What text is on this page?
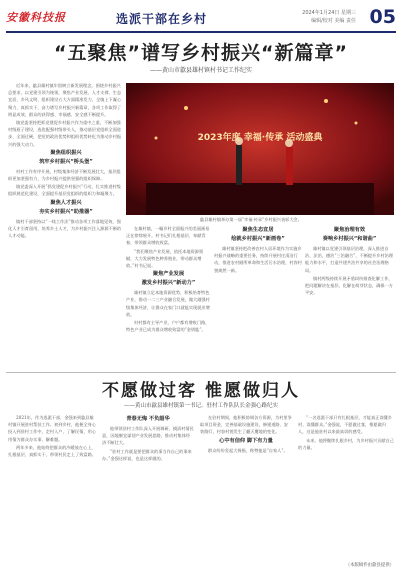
安徽科技报	选派干部在乡村	2024年1月24日 星期三
编辑/校对 美编 责任 05
“五聚焦”谱写乡村振兴“新篇章”
——黄山市歙县雄村镇村书记工作纪实

近年来，歙县雄村镇牢固树立新发展理念，围绕乡村振兴总要求，以党建引领为统领，聚焦产业发展、人才支撑、生态宜居、乡风文明、组织建设五大方面精准发力，全镇上下凝心聚力、真抓实干，奋力谱写乡村振兴新篇章，各项工作取得了明显成效，群众的获得感、幸福感、安全感不断提升。

镇党委坚持把抓党建促乡村振兴作为重中之重，不断加强村级班子建设，选优配强村级带头人，推动基层党组织全面进步、全面过硬，把党的政治优势和组织优势转化为推动乡村振兴的强大动力。

聚焦组织振兴
筑牢乡村振兴“桥头堡”

村村工作有序开展，村级集体经济不断发展壮大，基层组织更加坚强有力，为乡村振兴提供坚强的组织保障。

镇党委深入开展“抓党建促乡村振兴”行动，扎实推进村级组织规范化建设，全面提升基层党组织的组织力和凝聚力。

聚焦人才振兴
夯实乡村振兴“助推器”

镇村干部坚持以“一线工作法”推动各项工作落地见效，强化人才引育留用，培养乡土人才，为乡村振兴注入源源不断的人才动能。

2023年度 幸福·传承 活动盛典
歙县雄村镇举办第一届“幸福·传承”乡村振兴表彰大会。

在雄村镇，一幅乡村全面振兴的美丽画卷正在徐徐展开。村书记们扎根基层、奉献青春，带领群众增收致富。

“我们聚焦产业发展，依托本地资源禀赋，大力发展特色种养殖业，带动群众增收。”村书记说。

聚焦产业发展
激发乡村振兴“新动力”

雄村镇立足本地资源优势，积极培育特色产业，推动一二三产业融合发展，做大做强村级集体经济，让群众在家门口就能实现就业增收。

村村都有主导产业，户户都有增收门路，特色产业已成为群众增收致富的“金钥匙”。

聚焦生态宜居
绘就乡村振兴“新画卷”

雄村镇坚持把改善农村人居环境作为实施乡村振兴战略的重要任务，持续开展村庄清洁行动，推进农村厕所革命和生活污水治理，村容村貌焕然一新。

聚焦治理有效
奏响乡村振兴“和谐曲”

雄村镇以党建引领基层治理，深入推进自治、法治、德治“三治融合”，不断提升乡村治理能力和水平，打造共建共治共享的社会治理格局。

镇村两级持续开展矛盾纠纷排查化解工作，把问题解决在基层、化解在萌芽状态，确保一方平安。

不愿做过客 惟愿做归人
——黄山市歙县雄村镇第一书记、驻村工作队队长金强心路纪实

2021年，作为选派干部，金强来到歙县雄村镇开展驻村帮扶工作。初到乡村，他便全身心投入到驻村工作中，走村入户，了解民情，用心用情为群众办实事、解难题。

两年多来，他始终把群众的冷暖放在心上，扎根基层、真抓实干，带领村民走上了致富路。

青春无悔 不负韶华

他带领驻村工作队深入开展调研，摸清村情民意，因地制宜谋划产业发展思路，推动村集体经济不断壮大。

“驻村工作就是要把群众的事当作自己的事来办。”金强这样说，也是这样做的。

在驻村期间，他积极协调各方资源，为村里争取项目资金，完善基础设施建设，修建道路、安装路灯，村容村貌发生了翻天覆地的变化。

心中有信仰 脚下有力量

群众纷纷竖起大拇指，称赞他是“自家人”。

“一名选派干部只有扎根基层，才能真正读懂乡村、读懂群众。”金强说，不愿做过客，惟愿做归人，这是他驻村以来最真切的感受。

未来，他将继续扎根乡村，为乡村振兴贡献自己的力量。

（本版稿件由歙县提供）
